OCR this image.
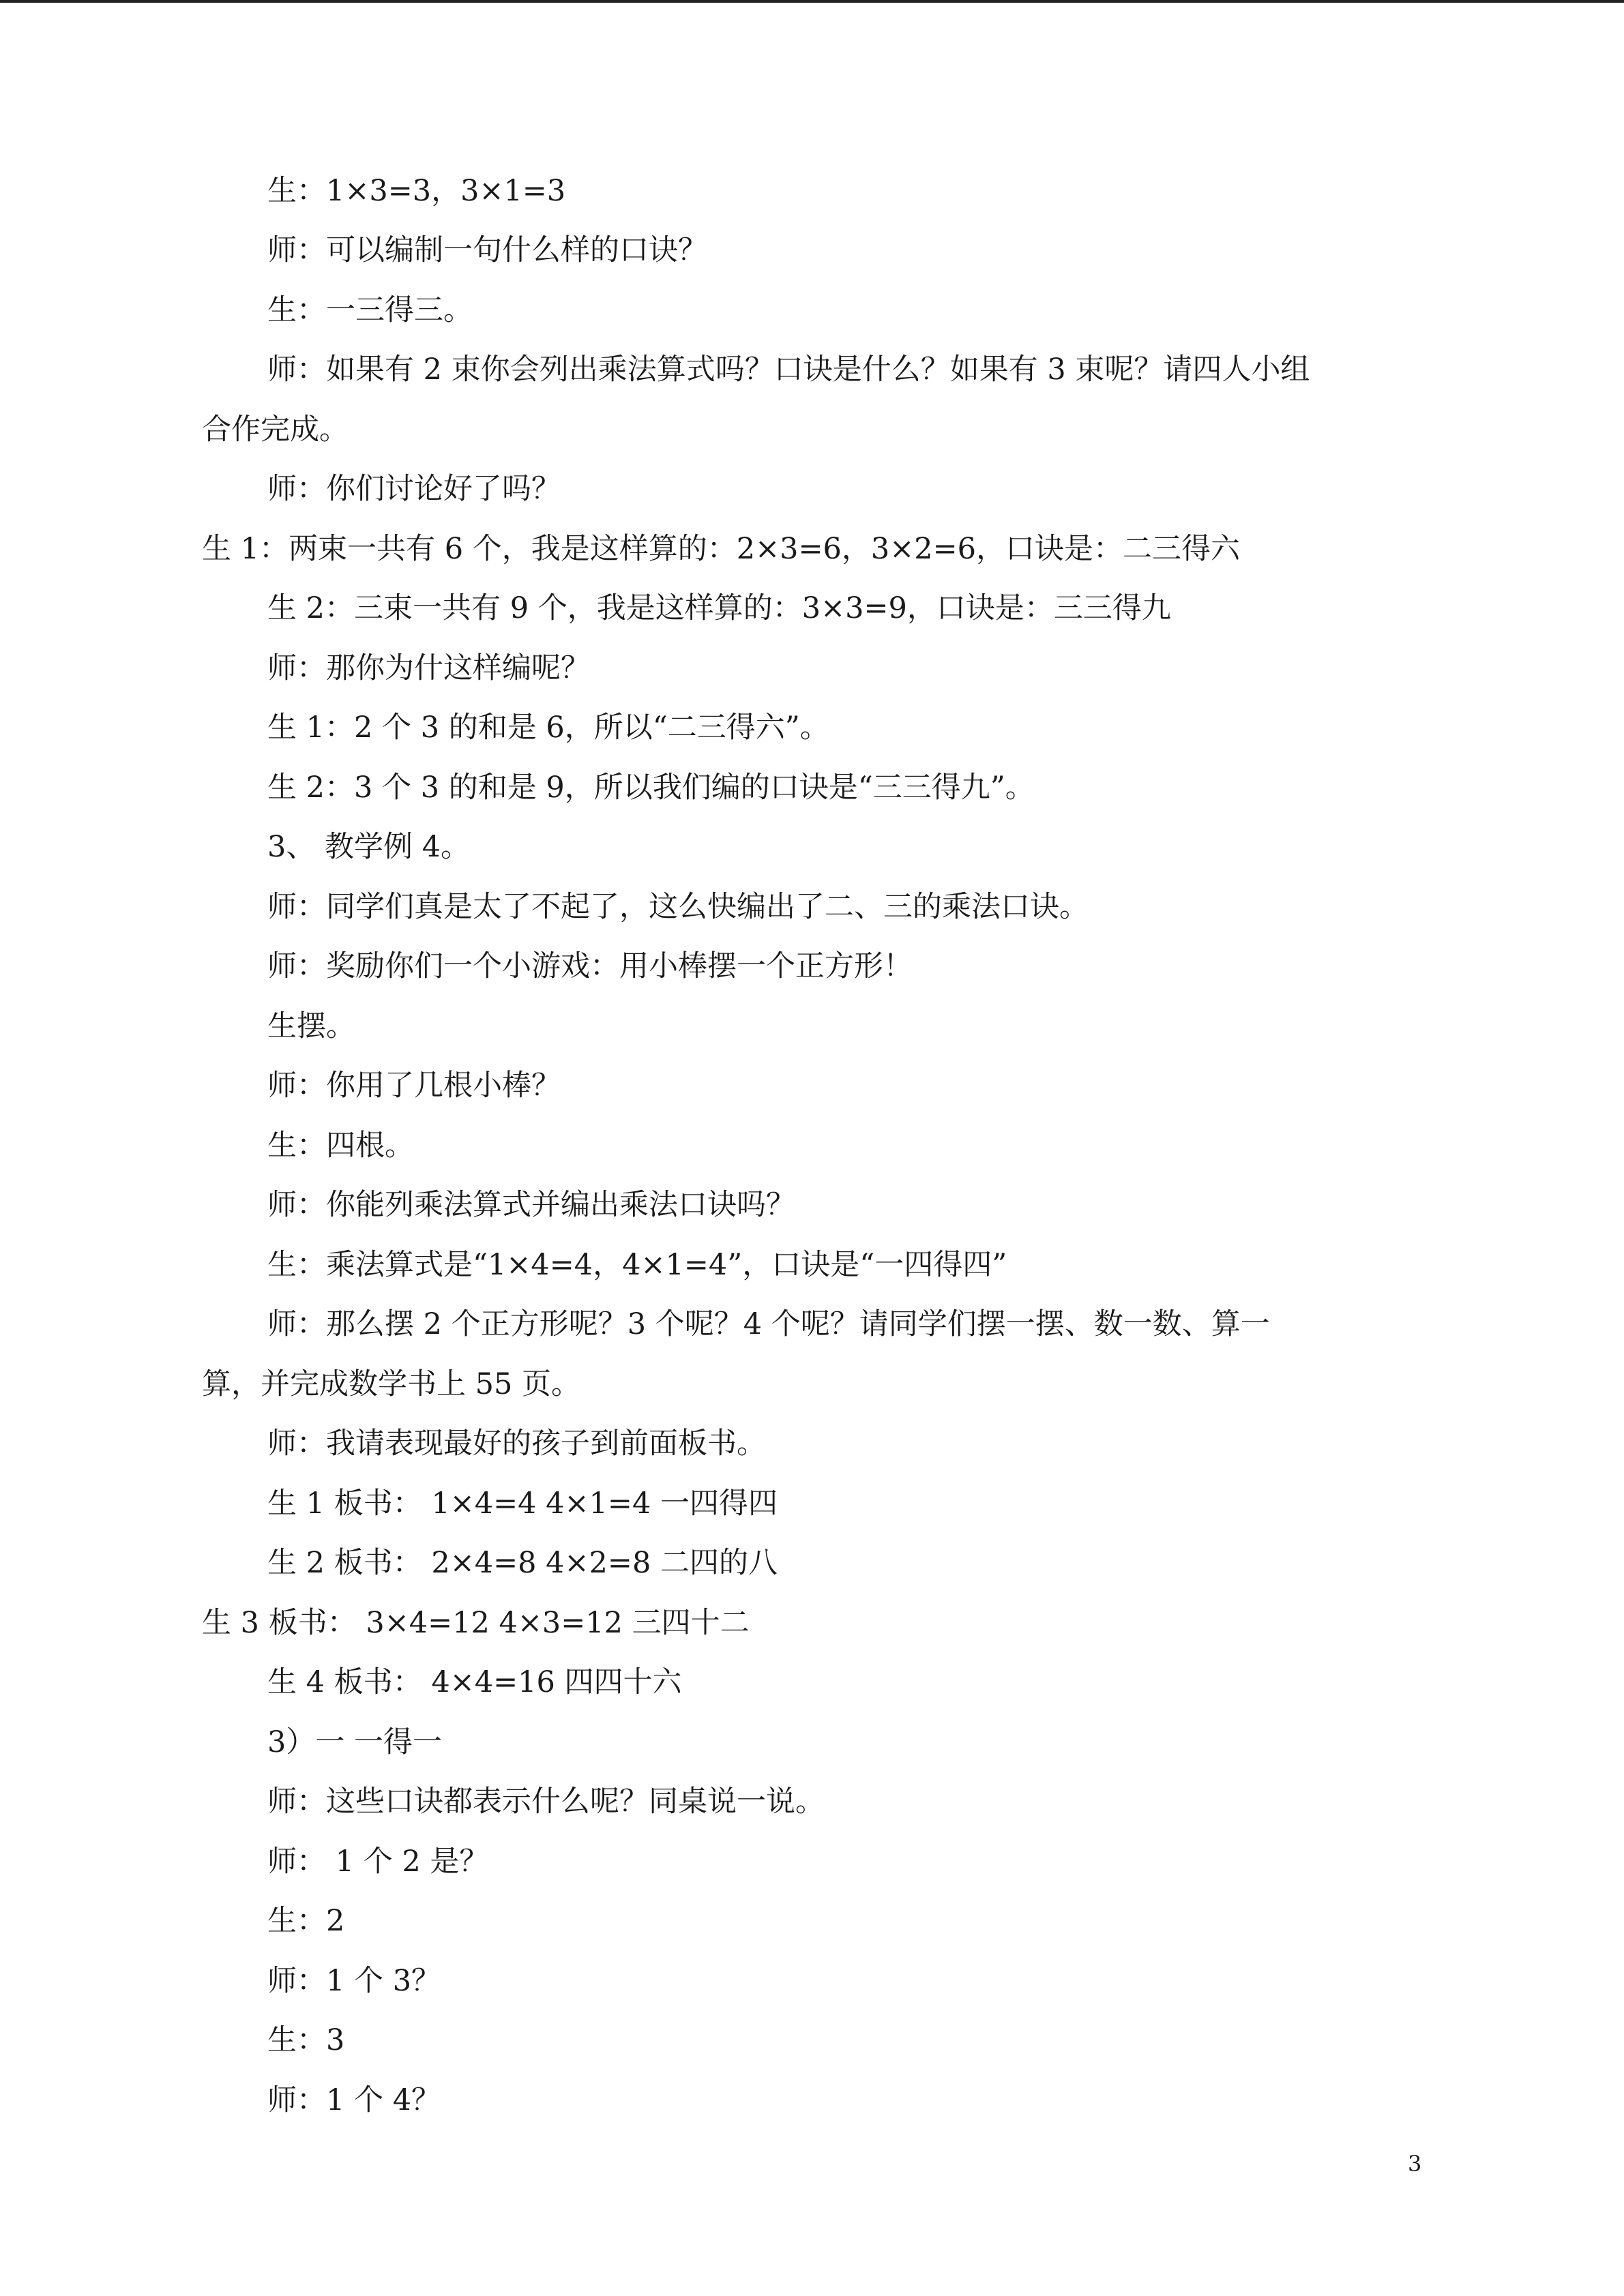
生：1×3=3，3×1=3
师：可以编制一句什么样的口诀？
生：一三得三。
师：如果有 2 束你会列出乘法算式吗？口诀是什么？如果有 3 束呢？请四人小组
合作完成。
师：你们讨论好了吗？
生 1：两束一共有 6 个，我是这样算的：2×3=6，3×2=6，口诀是：二三得六
生 2：三束一共有 9 个，我是这样算的：3×3=9，口诀是：三三得九
师：那你为什这样编呢？
生 1：2 个 3 的和是 6，所以“二三得六”。
生 2：3 个 3 的和是 9，所以我们编的口诀是“三三得九”。
3、 教学例 4。
师：同学们真是太了不起了，这么快编出了二、三的乘法口诀。
师：奖励你们一个小游戏：用小棒摆一个正方形！
生摆。
师：你用了几根小棒？
生：四根。
师：你能列乘法算式并编出乘法口诀吗？
生：乘法算式是“1×4=4，4×1=4”，口诀是“一四得四”
师：那么摆 2 个正方形呢？3 个呢？4 个呢？请同学们摆一摆、数一数、算一
算，并完成数学书上 55 页。
师：我请表现最好的孩子到前面板书。
生 1 板书： 1×4=4 4×1=4 一四得四
生 2 板书： 2×4=8 4×2=8 二四的八
生 3 板书： 3×4=12 4×3=12 三四十二
生 4 板书： 4×4=16 四四十六
3）一 一得一
师：这些口诀都表示什么呢？同桌说一说。
师： 1 个 2 是？
生：2
师：1 个 3？
生：3
师：1 个 4？
3
